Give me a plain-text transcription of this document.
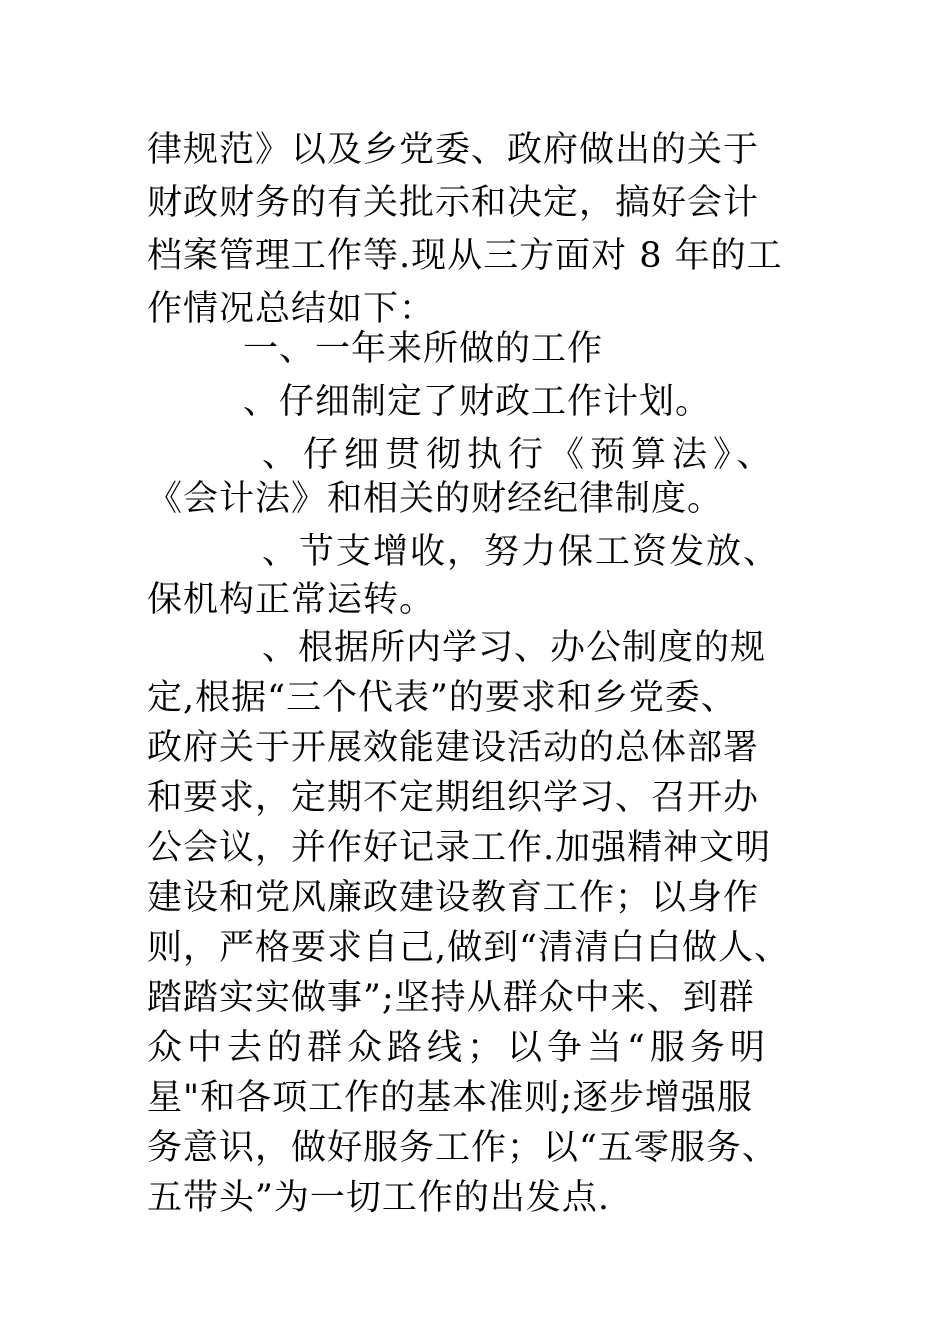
律规范》以及乡党委、政府做出的关于
财政财务的有关批示和决定，搞好会计
档案管理工作等.现从三方面对 8 年的工
作情况总结如下：
一、一年来所做的工作
、仔细制定了财政工作计划。
、仔细贯彻执行《预算法》、
《会计法》和相关的财经纪律制度。
、节支增收，努力保工资发放、
保机构正常运转。
、根据所内学习、办公制度的规
定,根据“三个代表”的要求和乡党委、
政府关于开展效能建设活动的总体部署
和要求，定期不定期组织学习、召开办
公会议，并作好记录工作.加强精神文明
建设和党风廉政建设教育工作；以身作
则，严格要求自己,做到“清清白白做人、
踏踏实实做事”;坚持从群众中来、到群
众中去的群众路线；以争当“服务明
星"和各项工作的基本准则;逐步增强服
务意识，做好服务工作；以“五零服务、
五带头”为一切工作的出发点.
